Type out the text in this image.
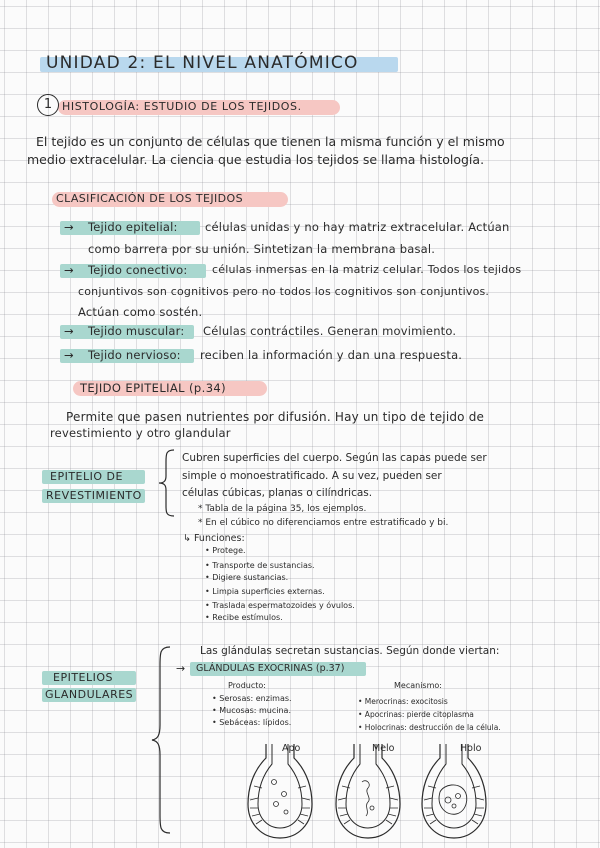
UNIDAD 2: EL NIVEL ANATÓMICO
1 HISTOLOGÍA: ESTUDIO DE LOS TEJIDOS.
El tejido es un conjunto de células que tienen la misma función y el mismo
medio extracelular. La ciencia que estudia los tejidos se llama histología.
CLASIFICACIÓN DE LOS TEJIDOS
→ Tejido epitelial: células unidas y no hay matriz extracelular. Actúan
como barrera por su unión. Sintetizan la membrana basal.
→ Tejido conectivo: células inmersas en la matriz celular. Todos los tejidos
conjuntivos son cognitivos pero no todos los cognitivos son conjuntivos.
Actúan como sostén.
→ Tejido muscular: Células contráctiles. Generan movimiento.
→ Tejido nervioso: reciben la información y dan una respuesta.
TEJIDO EPITELIAL (p.34)
Permite que pasen nutrientes por difusión. Hay un tipo de tejido de
revestimiento y otro glandular
EPITELIO DE
REVESTIMIENTO
Cubren superficies del cuerpo. Según las capas puede ser
simple o monoestratificado. A su vez, pueden ser
células cúbicas, planas o cilíndricas.
* Tabla de la página 35, los ejemplos.
* En el cúbico no diferenciamos entre estratificado y bi.
↳ Funciones:
• Protege.
• Transporte de sustancias.
• Digiere sustancias.
• Limpia superficies externas.
• Traslada espermatozoides y óvulos.
• Recibe estímulos.
EPITELIOS
GLANDULARES
Las glándulas secretan sustancias. Según donde viertan:
→ GLÁNDULAS EXOCRINAS (p.37)
Producto:
• Serosas: enzimas.
• Mucosas: mucina.
• Sebáceas: lípidos.
Mecanismo:
• Merocrinas: exocitosis
• Apocrinas: pierde citoplasma
• Holocrinas: destrucción de la célula.
Apo	Melo	Holo
